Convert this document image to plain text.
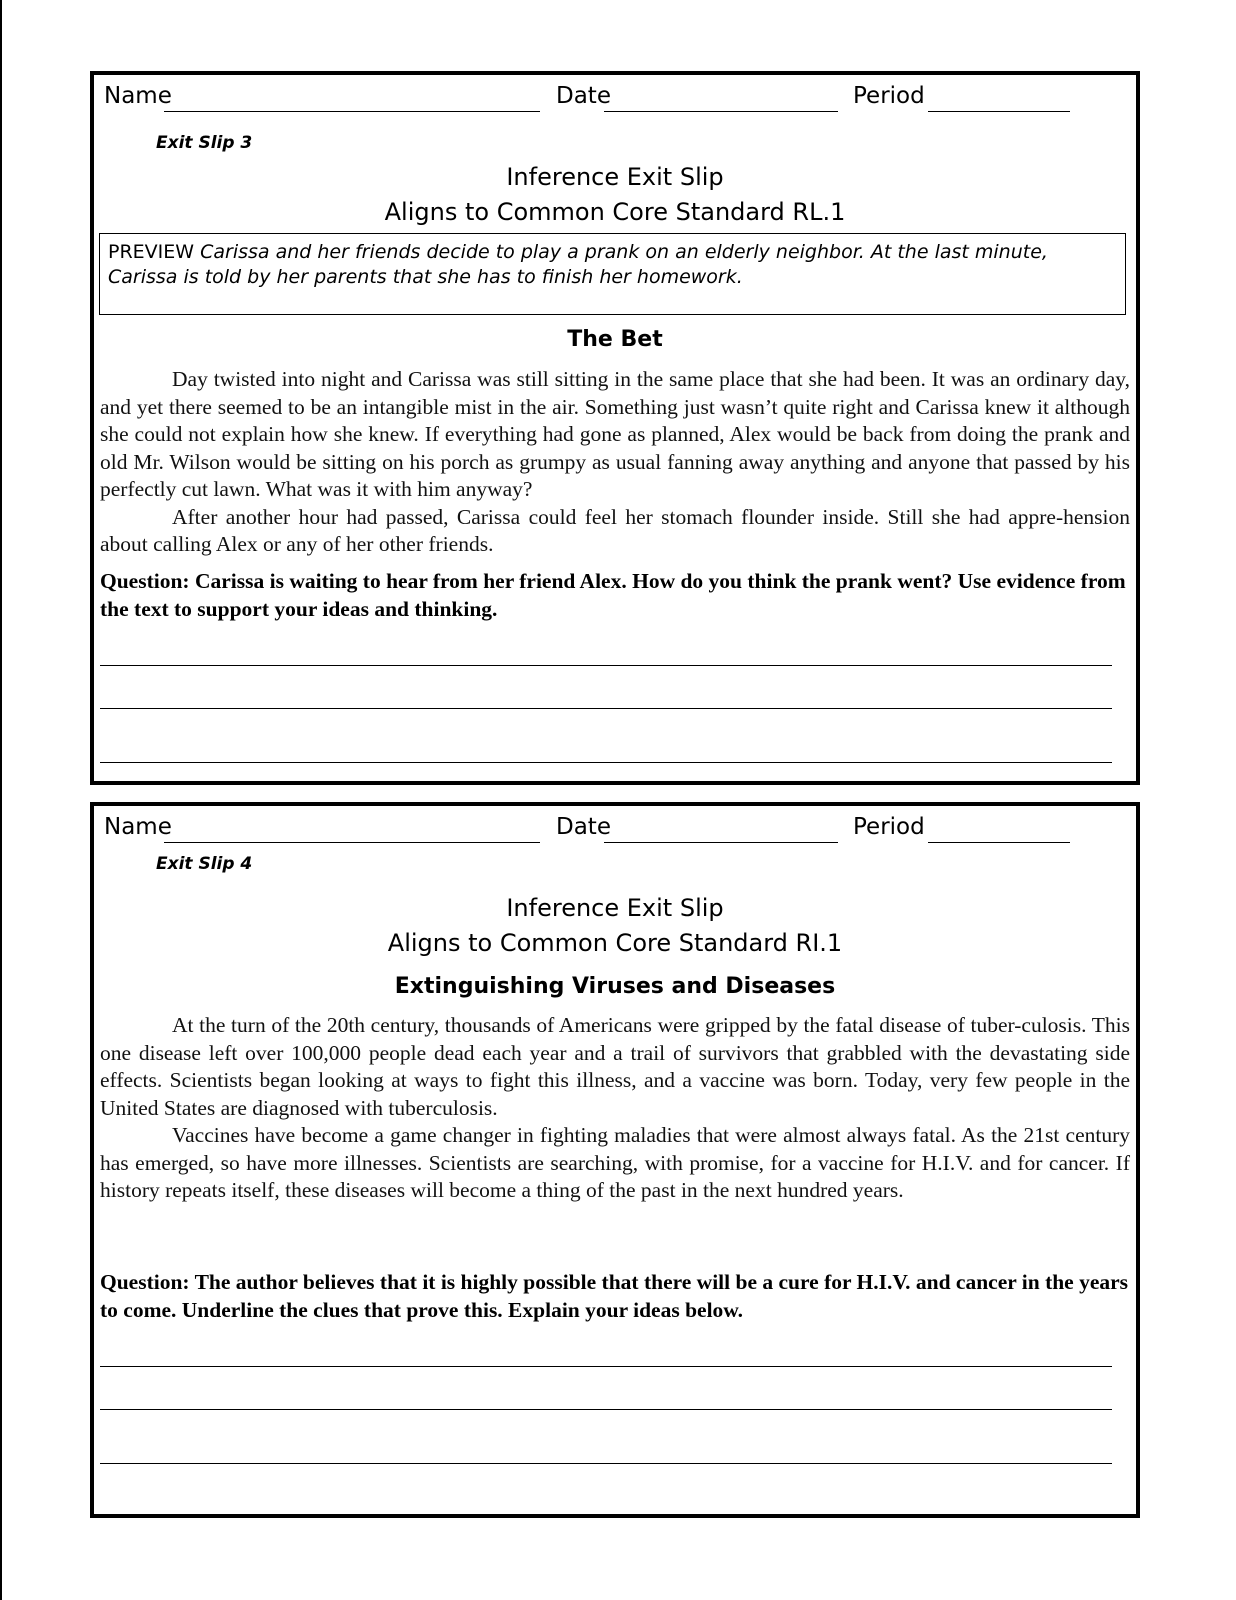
Name	Date	Period
Exit Slip 3
Inference Exit Slip
Aligns to Common Core Standard RL.1
PREVIEW Carissa and her friends decide to play a prank on an elderly neighbor. At the last minute, Carissa is told by her parents that she has to finish her homework.
The Bet

Day twisted into night and Carissa was still sitting in the same place that she had been. It was an ordinary day, and yet there seemed to be an intangible mist in the air. Something just wasn’t quite right and Carissa knew it although she could not explain how she knew. If everything had gone as planned, Alex would be back from doing the prank and old Mr. Wilson would be sitting on his porch as grumpy as usual fanning away anything and anyone that passed by his perfectly cut lawn. What was it with him anyway?

After another hour had passed, Carissa could feel her stomach flounder inside. Still she had appre-hension about calling Alex or any of her other friends.

Question: Carissa is waiting to hear from her friend Alex. How do you think the prank went? Use evidence from the text to support your ideas and thinking.
Name	Date	Period
Exit Slip 4
Inference Exit Slip
Aligns to Common Core Standard RI.1
Extinguishing Viruses and Diseases

At the turn of the 20th century, thousands of Americans were gripped by the fatal disease of tuber-culosis. This one disease left over 100,000 people dead each year and a trail of survivors that grabbled with the devastating side effects. Scientists began looking at ways to fight this illness, and a vaccine was born. Today, very few people in the United States are diagnosed with tuberculosis.

Vaccines have become a game changer in fighting maladies that were almost always fatal. As the 21st century has emerged, so have more illnesses. Scientists are searching, with promise, for a vaccine for H.I.V. and for cancer. If history repeats itself, these diseases will become a thing of the past in the next hundred years.

Question: The author believes that it is highly possible that there will be a cure for H.I.V. and cancer in the years to come. Underline the clues that prove this. Explain your ideas below.
